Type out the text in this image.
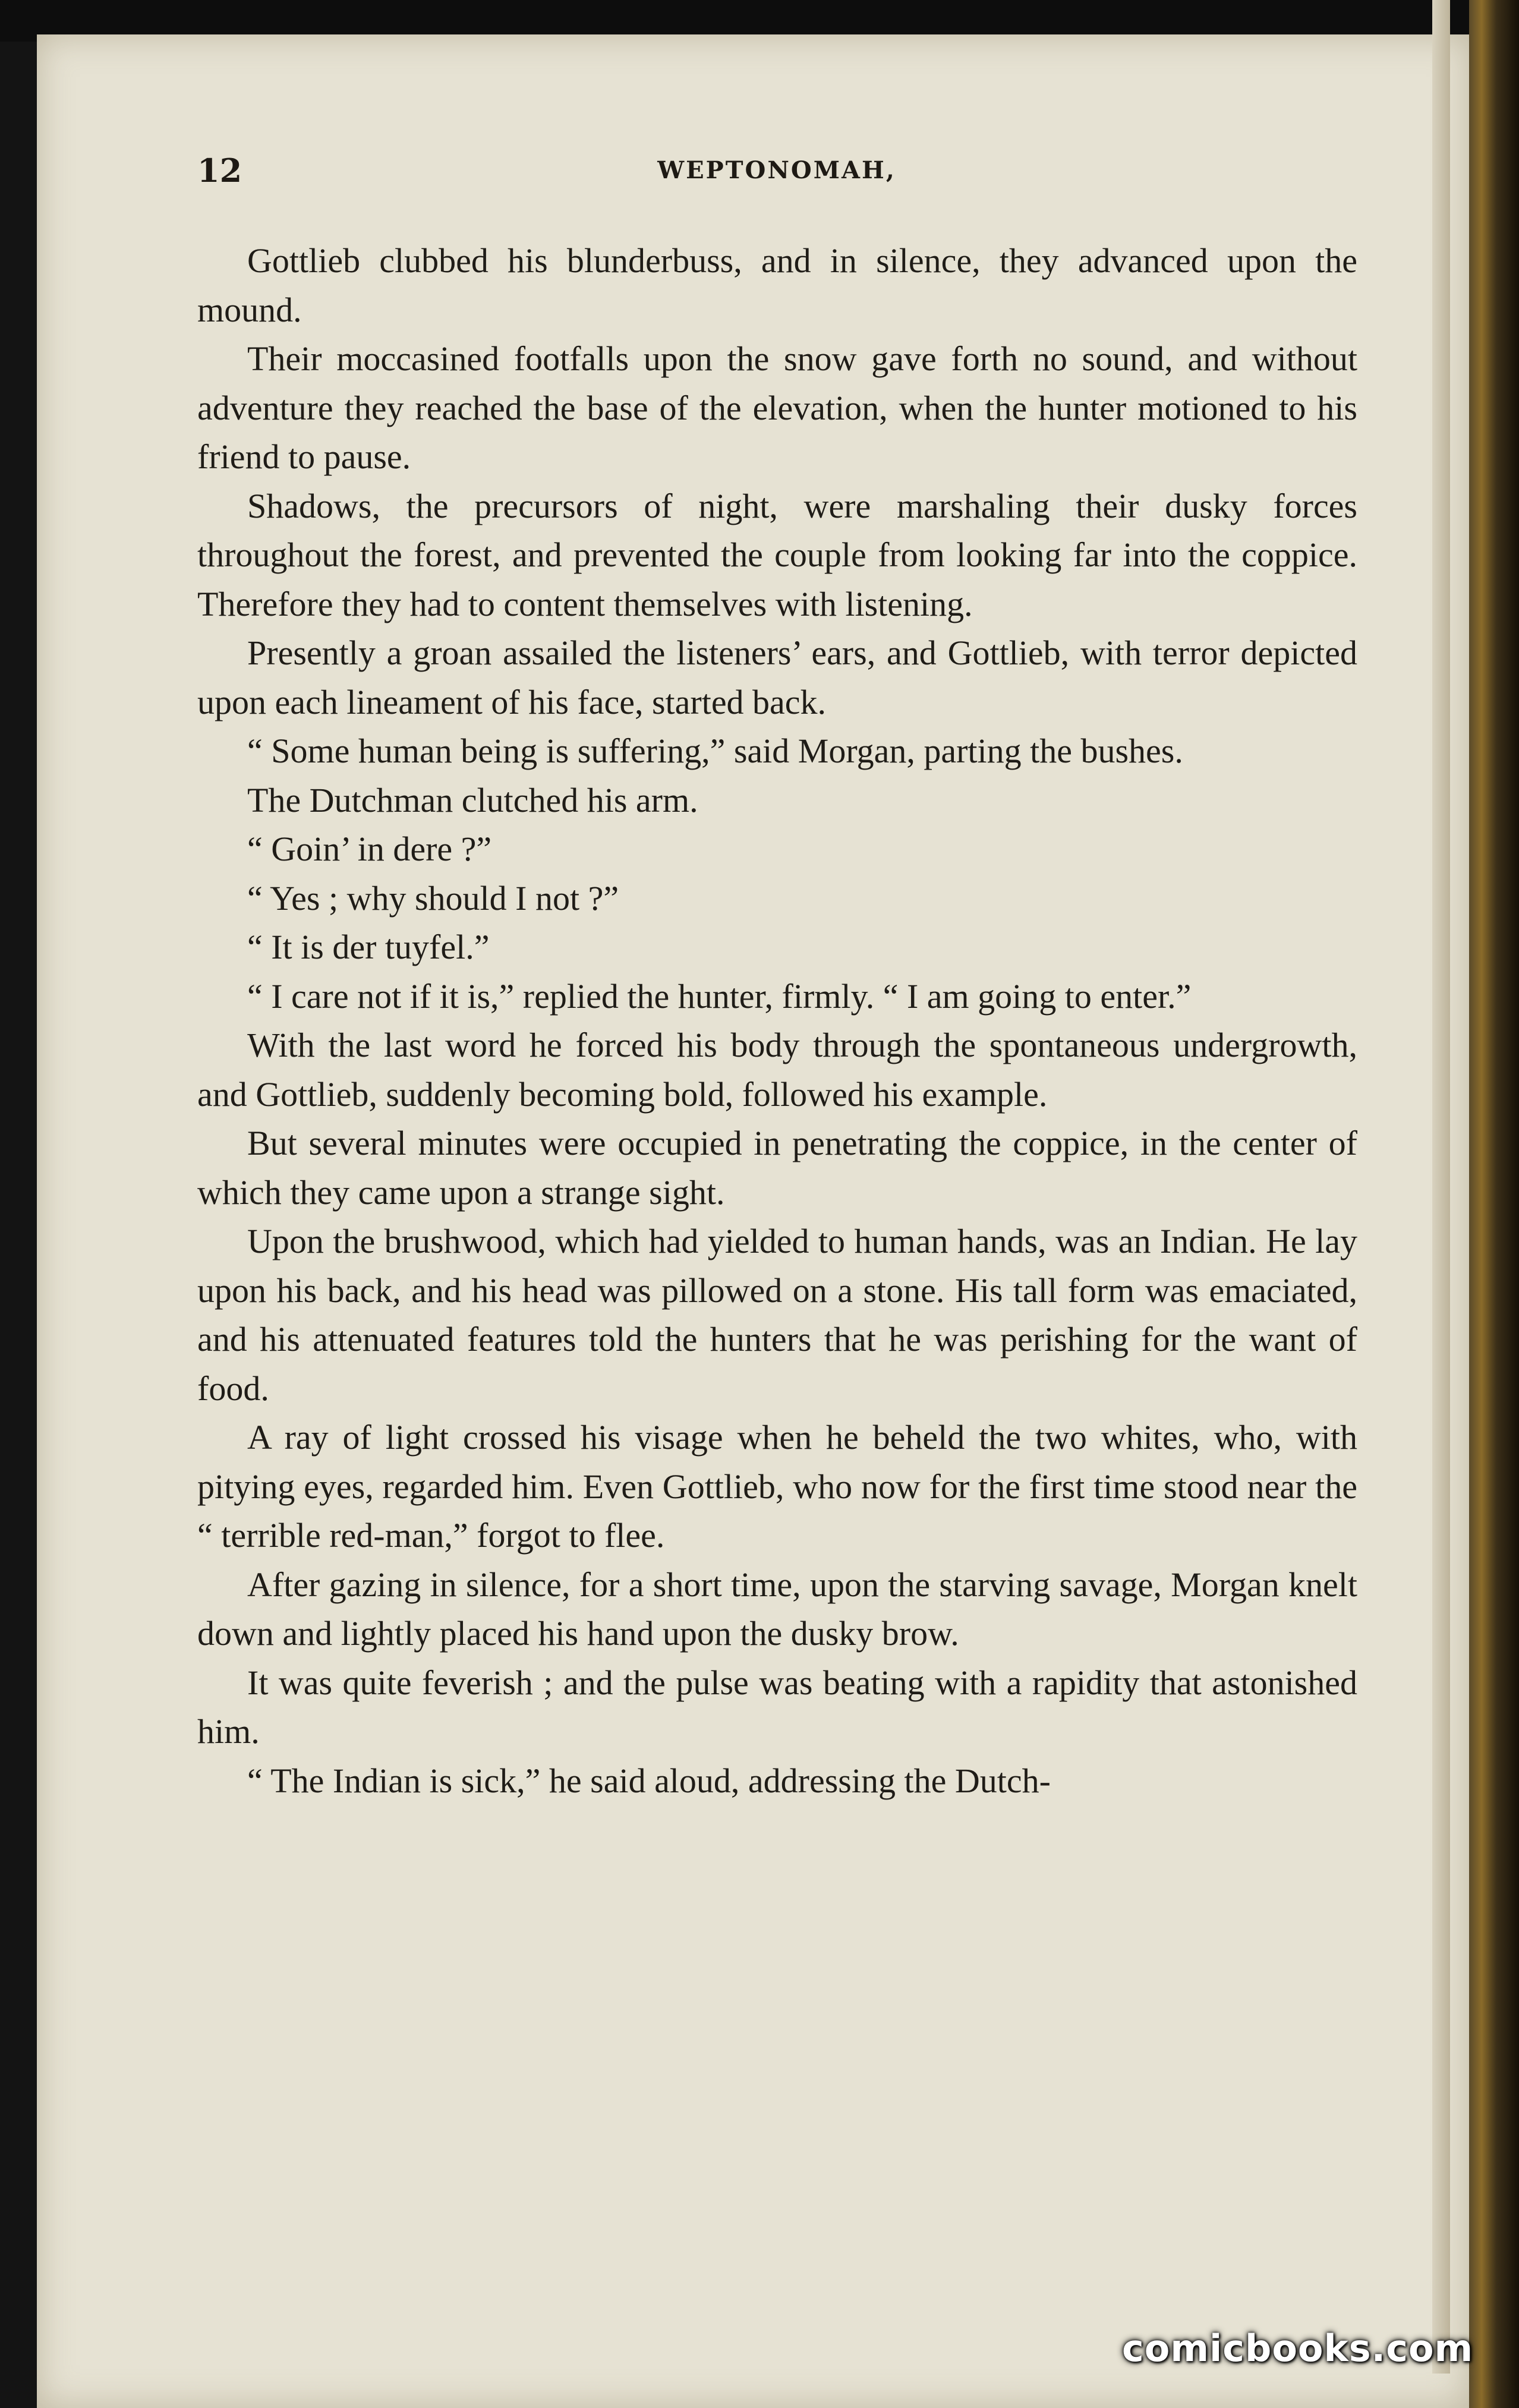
12	WEPTONOMAH,

Gottlieb clubbed his blunderbuss, and in silence, they advanced upon the mound.

Their moccasined footfalls upon the snow gave forth no sound, and without adventure they reached the base of the elevation, when the hunter motioned to his friend to pause.

Shadows, the precursors of night, were marshaling their dusky forces throughout the forest, and prevented the couple from looking far into the coppice. Therefore they had to content themselves with listening.

Presently a groan assailed the listeners’ ears, and Gottlieb, with terror depicted upon each lineament of his face, started back.

“ Some human being is suffering,” said Morgan, parting the bushes.

The Dutchman clutched his arm.

“ Goin’ in dere ?”

“ Yes ; why should I not ?”

“ It is der tuyfel.”

“ I care not if it is,” replied the hunter, firmly. “ I am going to enter.”

With the last word he forced his body through the spontaneous undergrowth, and Gottlieb, suddenly becoming bold, followed his example.

But several minutes were occupied in penetrating the coppice, in the center of which they came upon a strange sight.

Upon the brushwood, which had yielded to human hands, was an Indian. He lay upon his back, and his head was pillowed on a stone. His tall form was emaciated, and his attenuated features told the hunters that he was perishing for the want of food.

A ray of light crossed his visage when he beheld the two whites, who, with pitying eyes, regarded him. Even Gottlieb, who now for the first time stood near the “ terrible red-man,” forgot to flee.

After gazing in silence, for a short time, upon the starving savage, Morgan knelt down and lightly placed his hand upon the dusky brow.

It was quite feverish ; and the pulse was beating with a rapidity that astonished him.

“ The Indian is sick,” he said aloud, addressing the Dutch-

comicbooks.com
